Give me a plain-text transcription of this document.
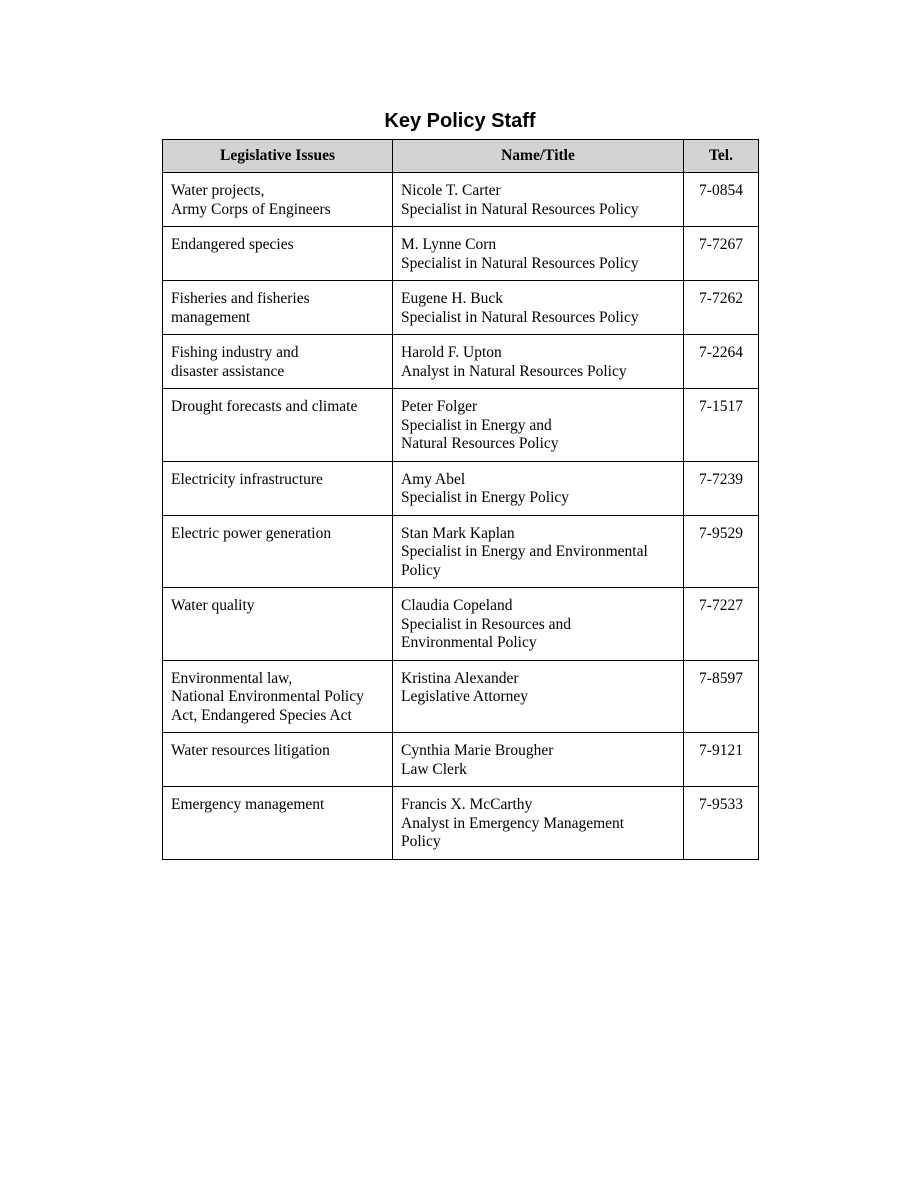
Key Policy Staff
Legislative Issues	Name/Title	Tel.

Water projects,
Army Corps of Engineers	Nicole T. Carter
Specialist in Natural Resources Policy	7-0854

Endangered species	M. Lynne Corn
Specialist in Natural Resources Policy	7-7267

Fisheries and fisheries
management	Eugene H. Buck
Specialist in Natural Resources Policy	7-7262

Fishing industry and
disaster assistance	Harold F. Upton
Analyst in Natural Resources Policy	7-2264

Drought forecasts and climate	Peter Folger
Specialist in Energy and
Natural Resources Policy	7-1517

Electricity infrastructure	Amy Abel
Specialist in Energy Policy	7-7239

Electric power generation	Stan Mark Kaplan
Specialist in Energy and Environmental
Policy	7-9529

Water quality	Claudia Copeland
Specialist in Resources and
Environmental Policy	7-7227

Environmental law,
National Environmental Policy
Act, Endangered Species Act	Kristina Alexander
Legislative Attorney	7-8597

Water resources litigation	Cynthia Marie Brougher
Law Clerk	7-9121

Emergency management	Francis X. McCarthy
Analyst in Emergency Management
Policy	7-9533
